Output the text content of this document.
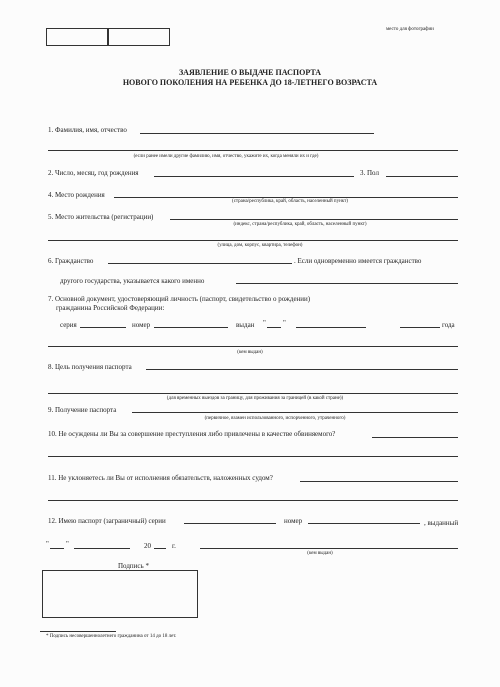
место для фотографии
ЗАЯВЛЕНИЕ О ВЫДАЧЕ ПАСПОРТА
НОВОГО ПОКОЛЕНИЯ НА РЕБЕНКА ДО 18-ЛЕТНЕГО ВОЗРАСТА
1. Фамилия, имя, отчество
(если ранее имели другие фамилию, имя, отчество, укажите их, когда меняли их и где)
2. Число, месяц, год рождения	3. Пол
4. Место рождения
(страна/республика, край, область, населенный пункт)
5. Место жительства (регистрации)
(индекс, страна/республика, край, область, населенный пункт)
(улица, дом, корпус, квартира, телефон)
6. Гражданство	. Если одновременно имеется гражданство
другого государства, указывается какого именно
7. Основной документ, удостоверяющий личность (паспорт, свидетельство о рождении)
гражданина Российской Федерации:
серия	номер	выдан " "	года
(кем выдан)
8. Цель получения паспорта
(для временных выездов за границу, для проживания за границей (в какой стране))
9. Получение паспорта
(первичное, взамен использованного, испорченного, утраченного)
10. Не осуждены ли Вы за совершение преступления либо привлечены в качестве обвиняемого?
11. Не уклоняетесь ли Вы от исполнения обязательств, наложенных судом?
12. Имею паспорт (заграничный) серии	номер	, выданный
" "	20	г.
(кем выдан)
Подпись *
* Подпись несовершеннолетнего гражданина от 14 до 18 лет.
